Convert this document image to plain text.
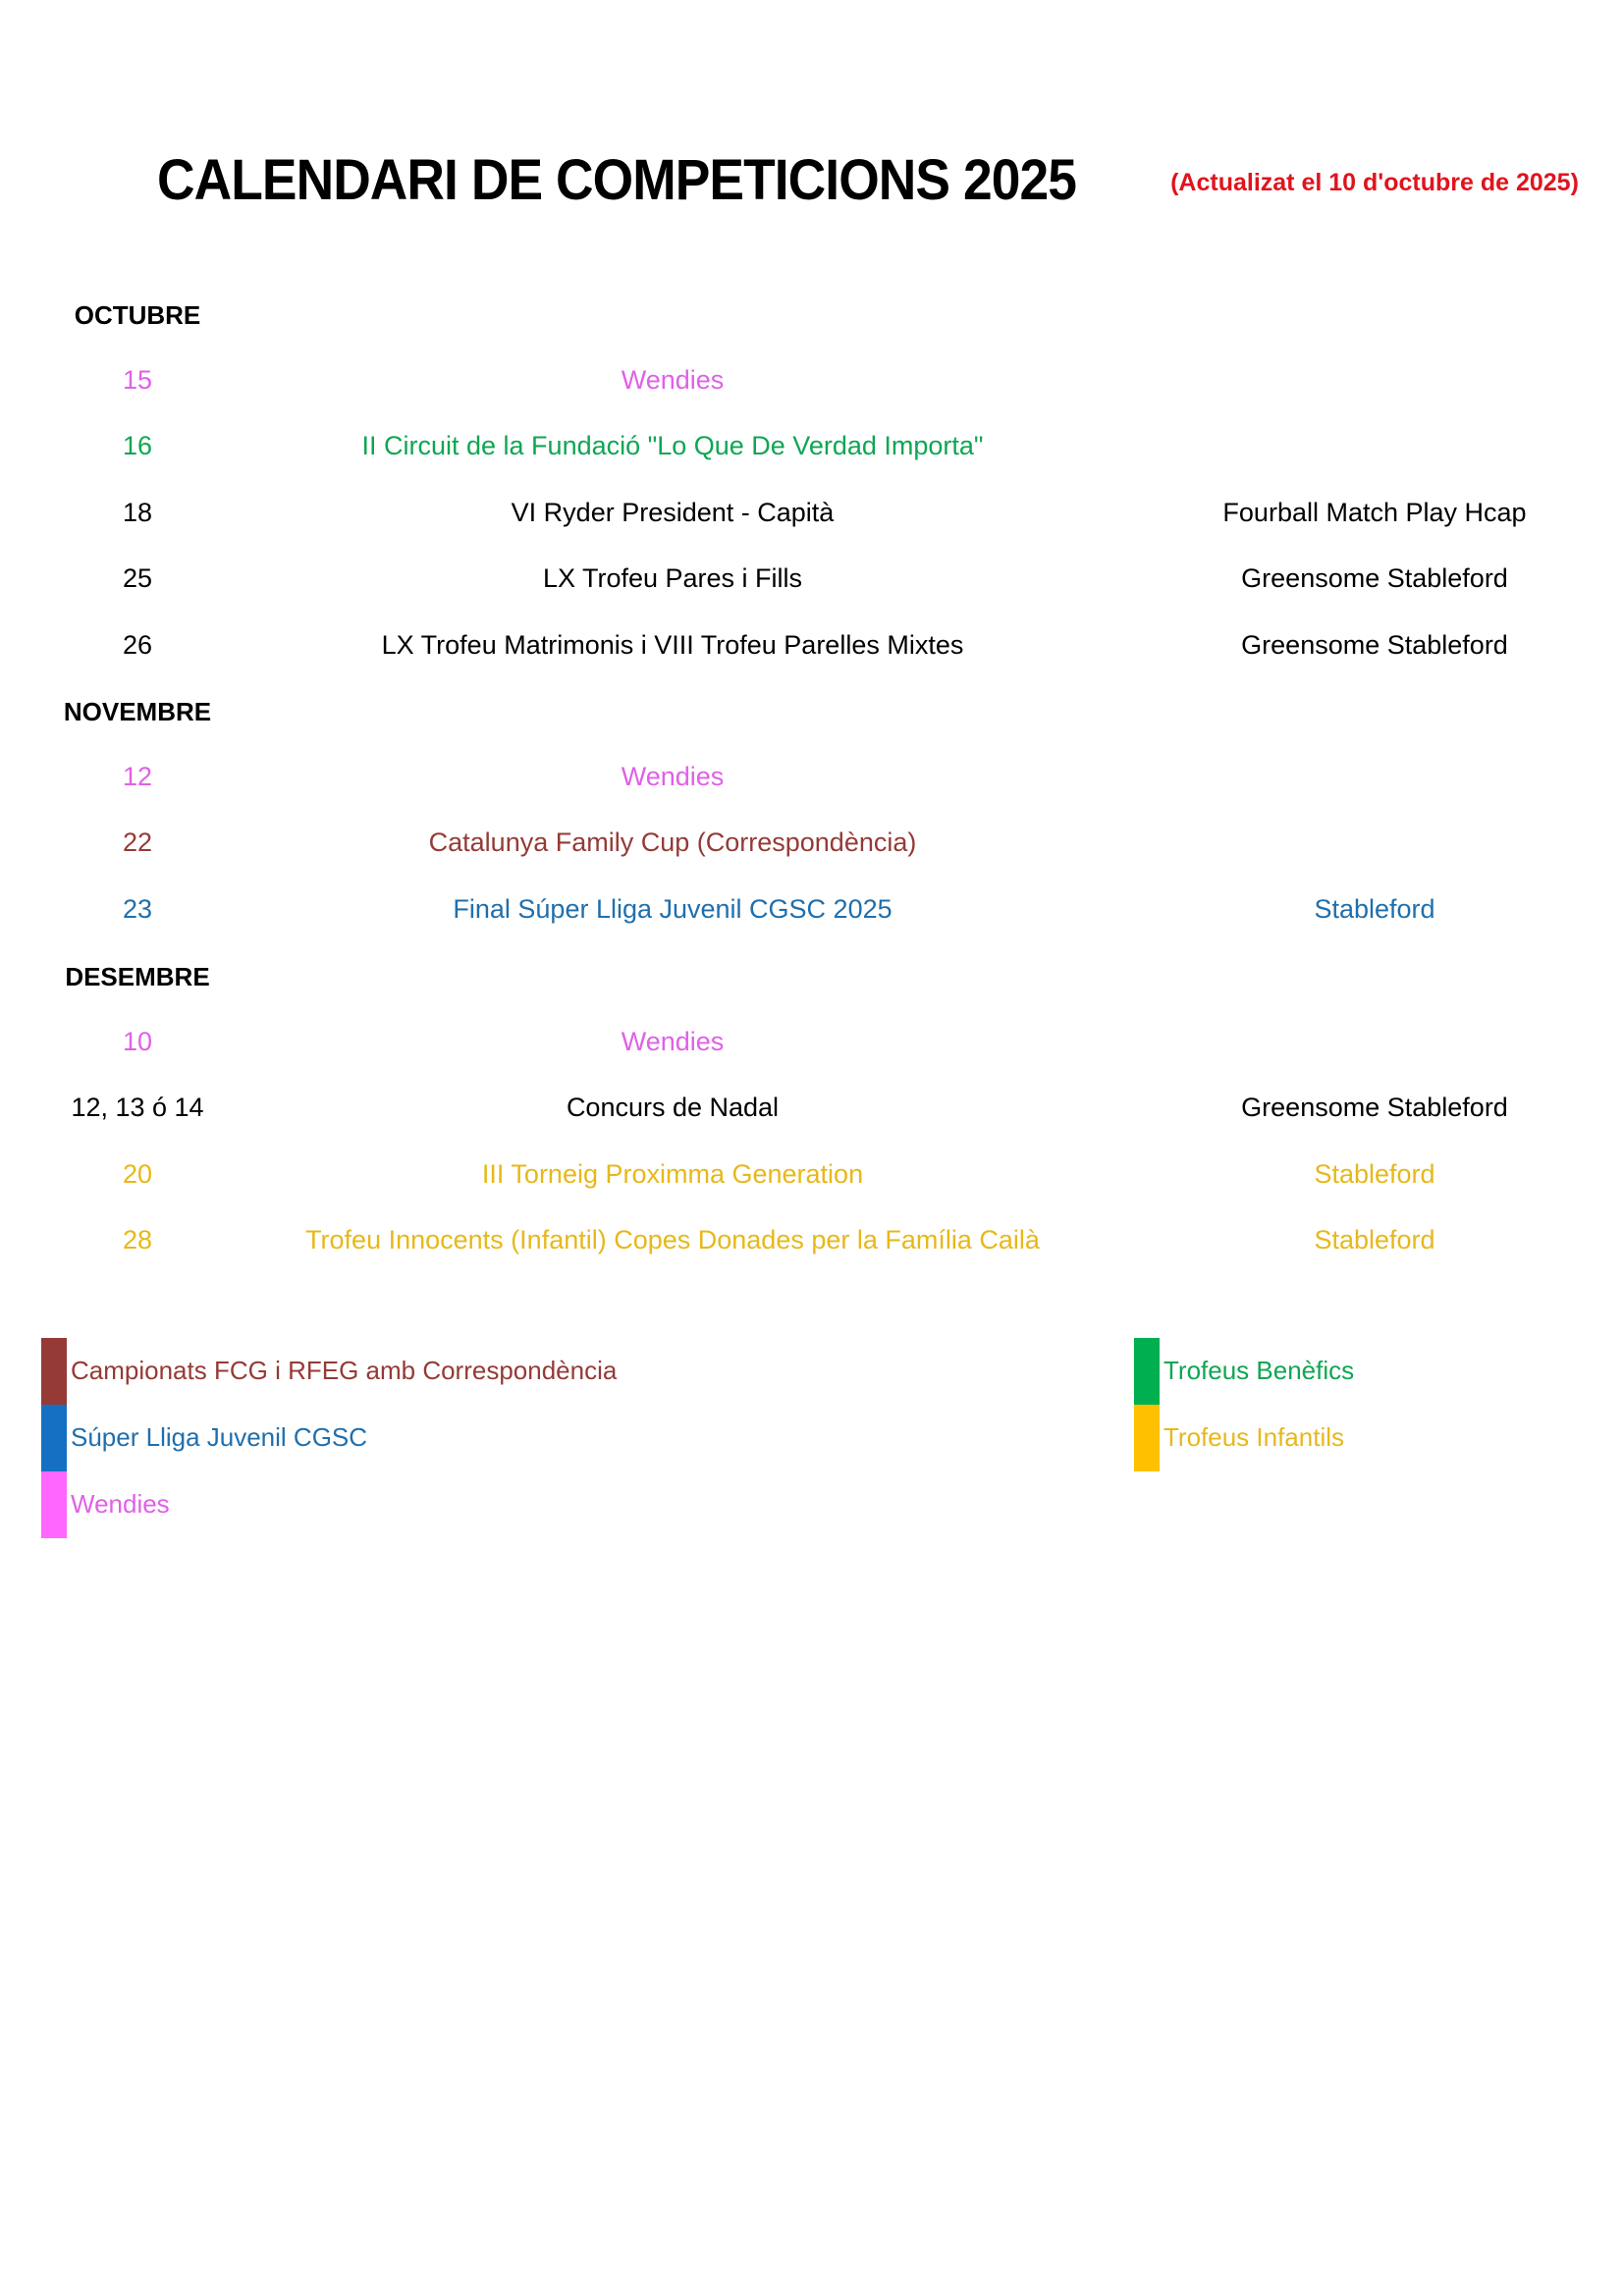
CALENDARI DE COMPETICIONS 2025	(Actualizat el 10 d'octubre de 2025)
OCTUBRE
15	Wendies
16	II Circuit de la Fundació "Lo Que De Verdad Importa"
18	VI Ryder President - Capità	Fourball Match Play Hcap
25	LX Trofeu Pares i Fills	Greensome Stableford
26	LX Trofeu Matrimonis i VIII Trofeu Parelles Mixtes	Greensome Stableford
NOVEMBRE
12	Wendies
22	Catalunya Family Cup (Correspondència)
23	Final Súper Lliga Juvenil CGSC 2025	Stableford
DESEMBRE
10	Wendies
12, 13 ó 14	Concurs de Nadal	Greensome Stableford
20	III Torneig Proximma Generation	Stableford
28	Trofeu Innocents (Infantil) Copes Donades per la Família Cailà	Stableford
Campionats FCG i RFEG amb Correspondència
Súper Lliga Juvenil CGSC
Wendies
Trofeus Benèfics
Trofeus Infantils
